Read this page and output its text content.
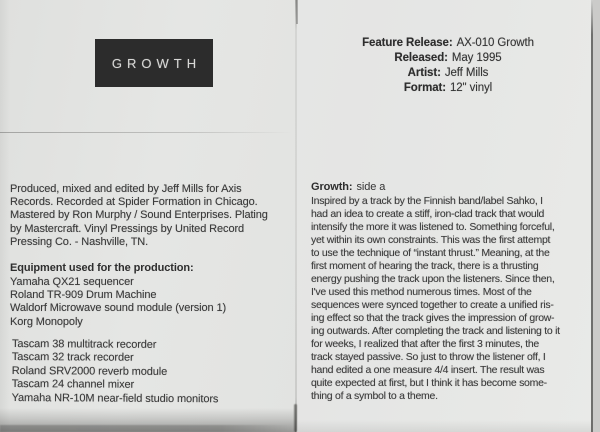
GROWTH
Produced, mixed and edited by Jeff Mills for Axis
Records. Recorded at Spider Formation in Chicago.
Mastered by Ron Murphy / Sound Enterprises. Plating
by Mastercraft. Vinyl Pressings by United Record
Pressing Co. - Nashville, TN.
Equipment used for the production:
Yamaha QX21 sequencer
Roland TR-909 Drum Machine
Waldorf Microwave sound module (version 1)
Korg Monopoly
Tascam 38 multitrack recorder
Tascam 32 track recorder
Roland SRV2000 reverb module
Tascam 24 channel mixer
Yamaha NR-10M near-field studio monitors
Feature Release: AX-010 Growth
Released: May 1995
Artist: Jeff Mills
Format: 12" vinyl
Growth: side a
Inspired by a track by the Finnish band/label Sahko, I
had an idea to create a stiff, iron-clad track that would
intensify the more it was listened to. Something forceful,
yet within its own constraints. This was the first attempt
to use the technique of “instant thrust.” Meaning, at the
first moment of hearing the track, there is a thrusting
energy pushing the track upon the listeners. Since then,
I've used this method numerous times. Most of the
sequences were synced together to create a unified ris-
ing effect so that the track gives the impression of grow-
ing outwards. After completing the track and listening to it
for weeks, I realized that after the first 3 minutes, the
track stayed passive. So just to throw the listener off, I
hand edited a one measure 4/4 insert. The result was
quite expected at first, but I think it has become some-
thing of a symbol to a theme.
